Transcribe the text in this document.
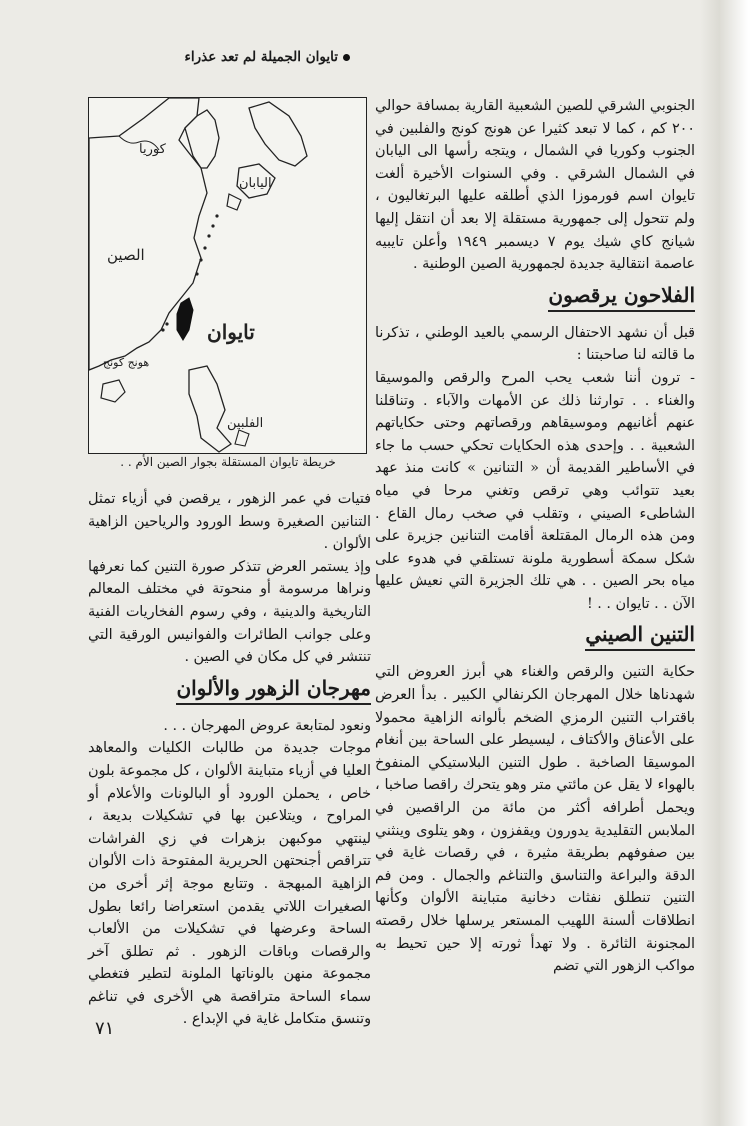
تايوان الجميلة لم تعد عذراء
اليابان
كوريا
الصين
تايوان
هونج كونج
الفلبين
خريطة تايوان المستقلة بجوار الصين الأم . .

الجنوبي الشرقي للصين الشعبية القارية بمسافة حوالي ٢٠٠ كم ، كما لا تبعد كثيرا عن هونج كونج والفلبين في الجنوب وكوريا في الشمال ، ويتجه رأسها الى اليابان في الشمال الشرقي . وفي السنوات الأخيرة ألغت تايوان اسم فورموزا الذي أطلقه عليها البرتغاليون ، ولم تتحول إلى جمهورية مستقلة إلا بعد أن انتقل إليها شيانج كاي شيك يوم ٧ ديسمبر ١٩٤٩ وأعلن تايبيه عاصمة انتقالية جديدة لجمهورية الصين الوطنية .

الفلاحون يرقصون

قبل أن نشهد الاحتفال الرسمي بالعيد الوطني ، تذكرنا ما قالته لنا صاحبتنا :

- ترون أننا شعب يحب المرح والرقص والموسيقا والغناء . . توارثنا ذلك عن الأمهات والآباء . وتناقلنا عنهم أغانيهم وموسيقاهم ورقصاتهم وحتى حكاياتهم الشعبية . . وإحدى هذه الحكايات تحكي حسب ما جاء في الأساطير القديمة أن « التنانين » كانت منذ عهد بعيد تتوائب وهي ترقص وتغني مرحا في مياه الشاطىء الصيني ، وتقلب في صخب رمال القاع . ومن هذه الرمال المقتلعة أقامت التنانين جزيرة على شكل سمكة أسطورية ملونة تستلقي في هدوء على مياه بحر الصين . . هي تلك الجزيرة التي نعيش عليها الآن . . تايوان . . !

التنين الصيني

حكاية التنين والرقص والغناء هي أبرز العروض التي شهدناها خلال المهرجان الكرنفالي الكبير . بدأ العرض باقتراب التنين الرمزي الضخم بألوانه الزاهية محمولا على الأعناق والأكتاف ، ليسيطر على الساحة بين أنغام الموسيقا الصاخبة . طول التنين البلاستيكي المنفوخ بالهواء لا يقل عن مائتي متر وهو يتحرك راقصا صاخبا ، ويحمل أطرافه أكثر من مائة من الراقصين في الملابس التقليدية يدورون ويقفزون ، وهو يتلوى وينثني بين صفوفهم بطريقة مثيرة ، في رقصات غاية في الدقة والبراعة والتناسق والتناغم والجمال . ومن فم التنين تنطلق نفثات دخانية متباينة الألوان وكأنها انطلاقات ألسنة اللهيب المستعر يرسلها خلال رقصته المجنونة الثائرة . ولا تهدأ ثورته إلا حين تحيط به مواكب الزهور التي تضم

فتيات في عمر الزهور ، يرقصن في أزياء تمثل التنانين الصغيرة وسط الورود والرياحين الزاهية الألوان .

وإذ يستمر العرض تتذكر صورة التنين كما نعرفها ونراها مرسومة أو منحوتة في مختلف المعالم التاريخية والدينية ، وفي رسوم الفخاريات الفنية وعلى جوانب الطائرات والفوانيس الورقية التي تنتشر في كل مكان في الصين .

مهرجان الزهور والألوان

ونعود لمتابعة عروض المهرجان . . .

موجات جديدة من طالبات الكليات والمعاهد العليا في أزياء متباينة الألوان ، كل مجموعة بلون خاص ، يحملن الورود أو البالونات والأعلام أو المراوح ، ويتلاعبن بها في تشكيلات بديعة ، لينتهي موكبهن بزهرات في زي الفراشات تتراقص أجنحتهن الحريرية المفتوحة ذات الألوان الزاهية المبهجة . وتتابع موجة إثر أخرى من الصغيرات اللاتي يقدمن استعراضا رائعا بطول الساحة وعرضها في تشكيلات من الألعاب والرقصات وباقات الزهور . ثم تطلق آخر مجموعة منهن بالوناتها الملونة لتطير فتغطي سماء الساحة متراقصة هي الأخرى في تناغم وتنسق متكامل غاية في الإبداع .

٧١
